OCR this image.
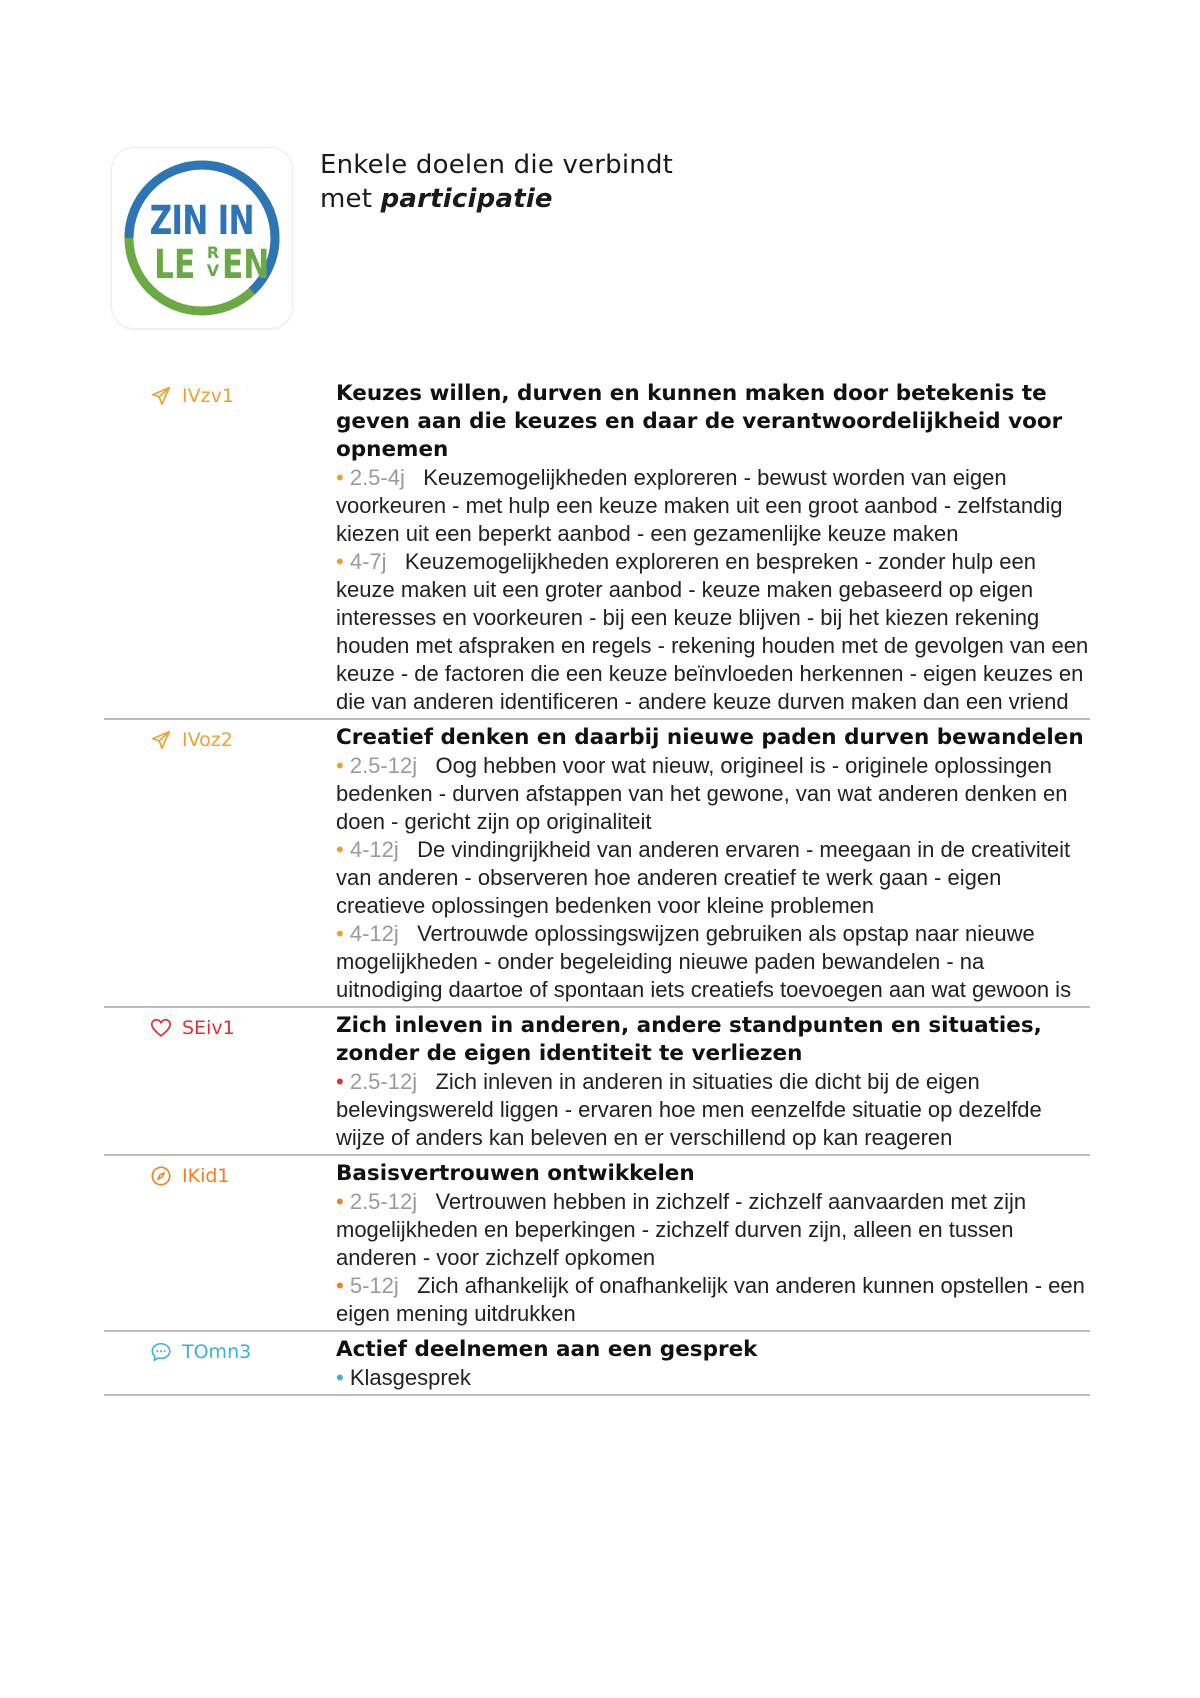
ZIN IN
LE R
V EN
Enkele doelen die verbindt
met participatie
IVzv1	Keuzes willen, durven en kunnen maken door betekenis te geven aan die keuzes en daar de verantwoordelijkheid voor opnemen
• 2.5-4j Keuzemogelijkheden exploreren - bewust worden van eigen voorkeuren - met hulp een keuze maken uit een groot aanbod - zelfstandig kiezen uit een beperkt aanbod - een gezamenlijke keuze maken
• 4-7j Keuzemogelijkheden exploreren en bespreken - zonder hulp een keuze maken uit een groter aanbod - keuze maken gebaseerd op eigen interesses en voorkeuren - bij een keuze blijven - bij het kiezen rekening houden met afspraken en regels - rekening houden met de gevolgen van een keuze - de factoren die een keuze beïnvloeden herkennen - eigen keuzes en die van anderen identificeren - andere keuze durven maken dan een vriend
IVoz2	Creatief denken en daarbij nieuwe paden durven bewandelen
• 2.5-12j Oog hebben voor wat nieuw, origineel is - originele oplossingen bedenken - durven afstappen van het gewone, van wat anderen denken en doen - gericht zijn op originaliteit
• 4-12j De vindingrijkheid van anderen ervaren - meegaan in de creativiteit van anderen - observeren hoe anderen creatief te werk gaan - eigen creatieve oplossingen bedenken voor kleine problemen
• 4-12j Vertrouwde oplossingswijzen gebruiken als opstap naar nieuwe mogelijkheden - onder begeleiding nieuwe paden bewandelen - na uitnodiging daartoe of spontaan iets creatiefs toevoegen aan wat gewoon is
SEiv1	Zich inleven in anderen, andere standpunten en situaties, zonder de eigen identiteit te verliezen
• 2.5-12j Zich inleven in anderen in situaties die dicht bij de eigen belevingswereld liggen - ervaren hoe men eenzelfde situatie op dezelfde wijze of anders kan beleven en er verschillend op kan reageren
IKid1	Basisvertrouwen ontwikkelen
• 2.5-12j Vertrouwen hebben in zichzelf - zichzelf aanvaarden met zijn mogelijkheden en beperkingen - zichzelf durven zijn, alleen en tussen anderen - voor zichzelf opkomen
• 5-12j Zich afhankelijk of onafhankelijk van anderen kunnen opstellen - een eigen mening uitdrukken
TOmn3	Actief deelnemen aan een gesprek
• Klasgesprek
